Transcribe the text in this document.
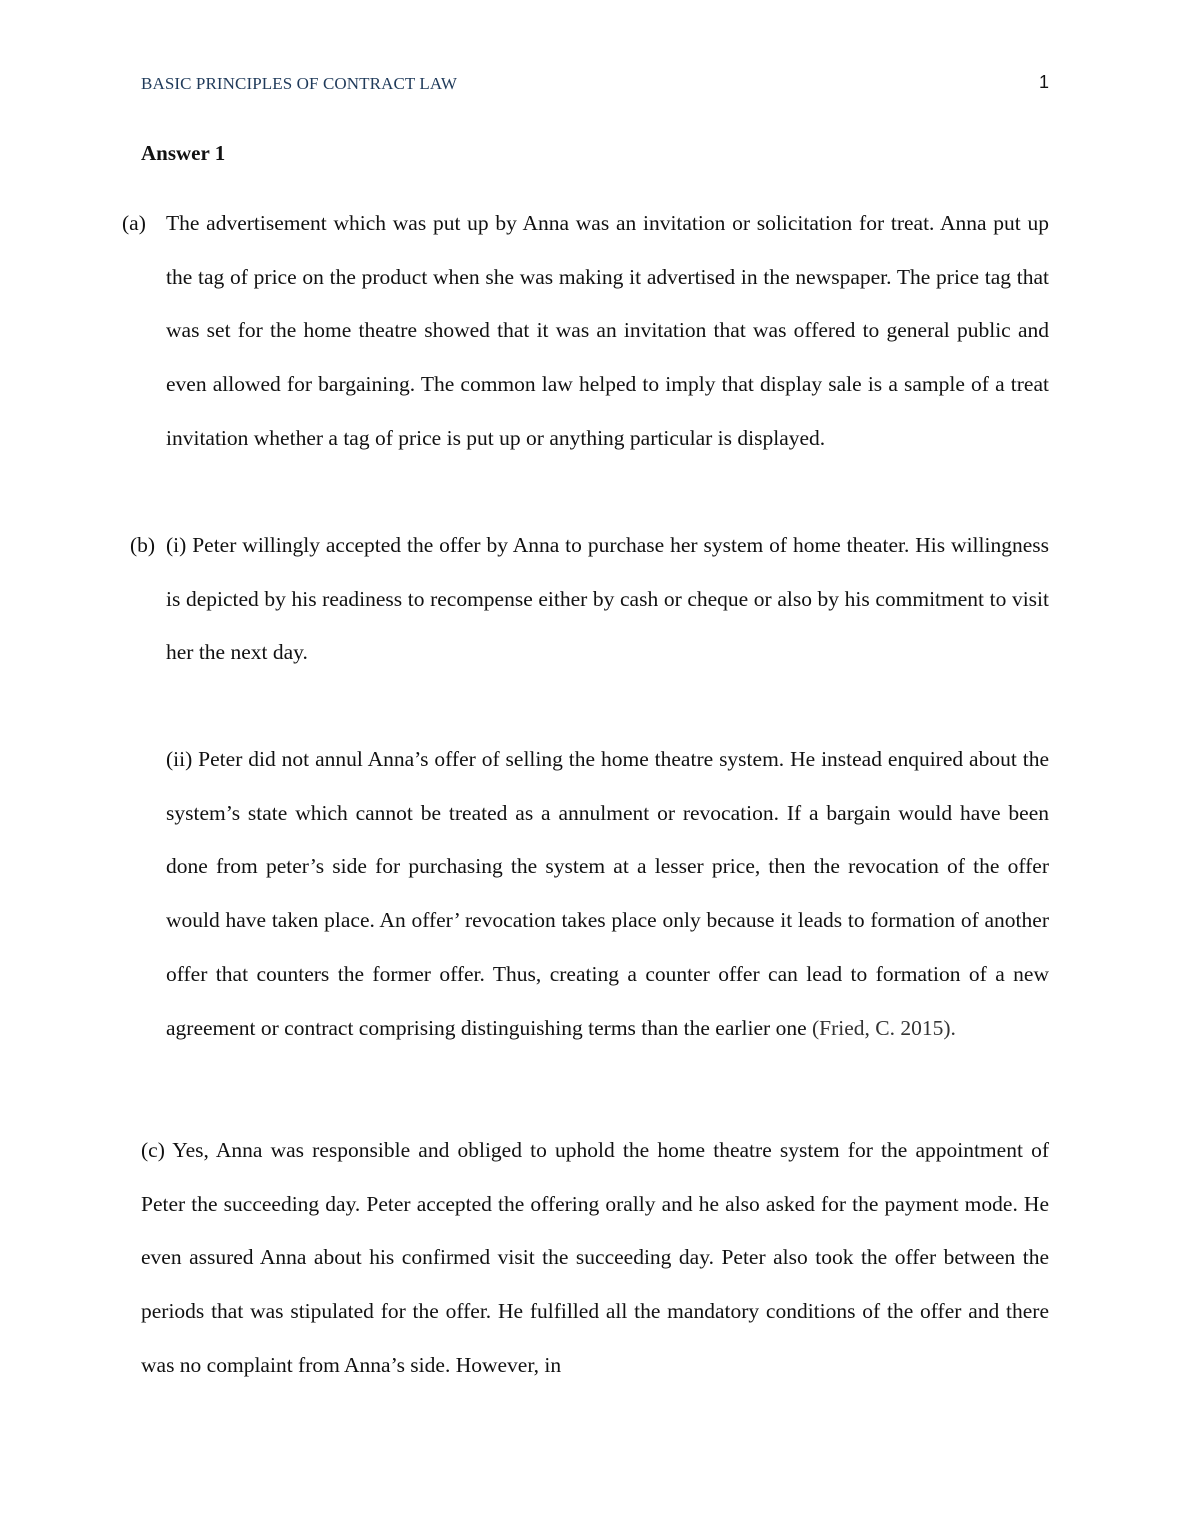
BASIC PRINCIPLES OF CONTRACT LAW	1
Answer 1
(a) The advertisement which was put up by Anna was an invitation or solicitation for treat. Anna put up the tag of price on the product when she was making it advertised in the newspaper. The price tag that was set for the home theatre showed that it was an invitation that was offered to general public and even allowed for bargaining. The common law helped to imply that display sale is a sample of a treat invitation whether a tag of price is put up or anything particular is displayed.

(b) (i) Peter willingly accepted the offer by Anna to purchase her system of home theater. His willingness is depicted by his readiness to recompense either by cash or cheque or also by his commitment to visit her the next day.

(ii) Peter did not annul Anna’s offer of selling the home theatre system. He instead enquired about the system’s state which cannot be treated as a annulment or revocation. If a bargain would have been done from peter’s side for purchasing the system at a lesser price, then the revocation of the offer would have taken place. An offer’ revocation takes place only because it leads to formation of another offer that counters the former offer. Thus, creating a counter offer can lead to formation of a new agreement or contract comprising distinguishing terms than the earlier one (Fried, C. 2015).

(c) Yes, Anna was responsible and obliged to uphold the home theatre system for the appointment of Peter the succeeding day. Peter accepted the offering orally and he also asked for the payment mode. He even assured Anna about his confirmed visit the succeeding day. Peter also took the offer between the periods that was stipulated for the offer. He fulfilled all the mandatory conditions of the offer and there was no complaint from Anna’s side. However, in
